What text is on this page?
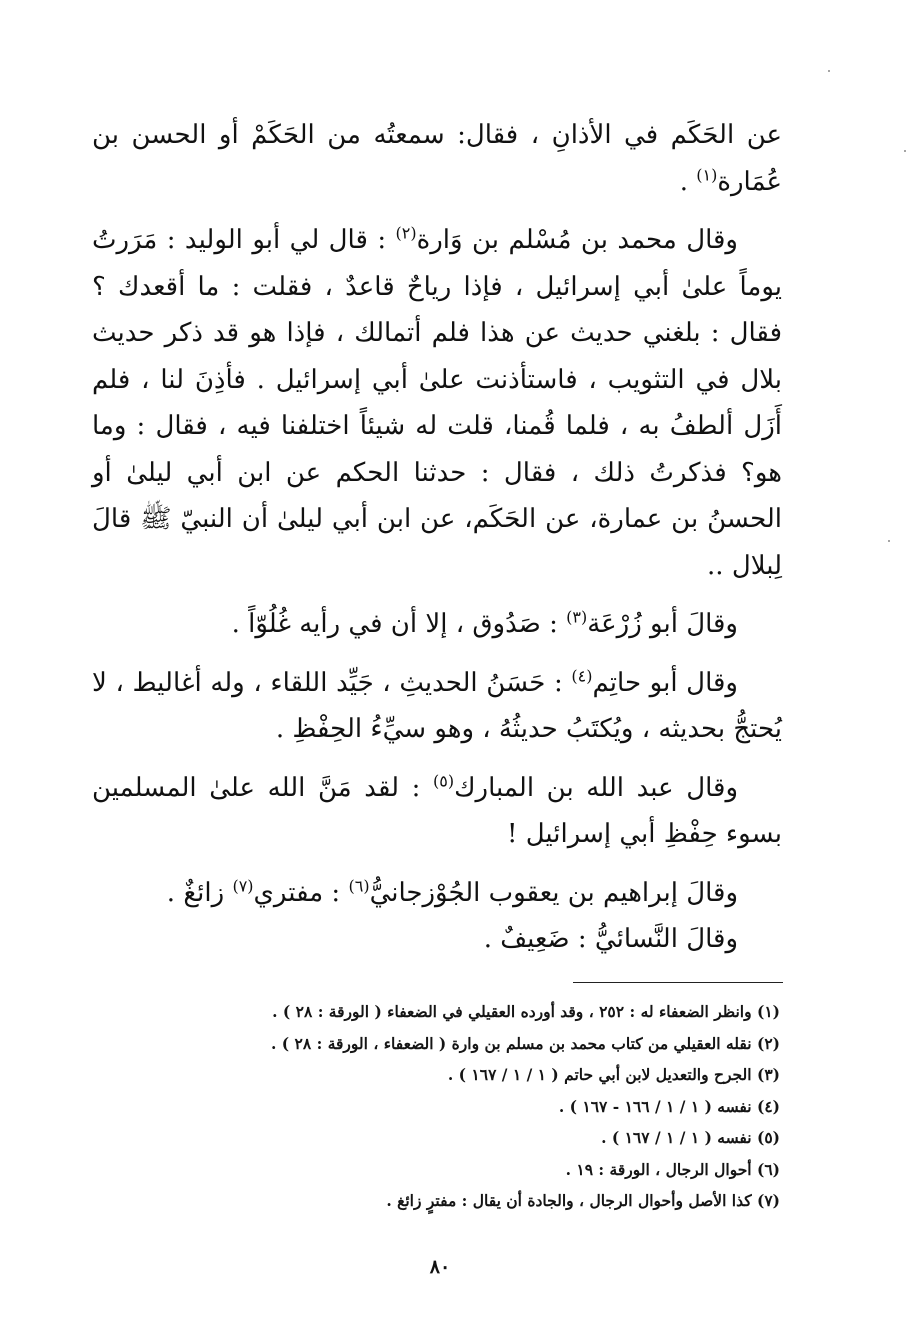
عن الحَكَم في الأذانِ ، فقال: سمعتُه من الحَكَمْ أو الحسن بن عُمَارة$^{(١)}$ .

وقال محمد بن مُسْلم بن وَارة$^{(٢)}$ : قال لي أبو الوليد : مَرَرتُ يوماً علىٰ أبي إسرائيل ، فإذا رياحٌ قاعدٌ ، فقلت : ما أقعدك ؟ فقال : بلغني حديث عن هذا فلم أتمالك ، فإذا هو قد ذكر حديث بلال في التثويب ، فاستأذنت علىٰ أبي إسرائيل . فأذِنَ لنا ، فلم أَزَل ألطفُ به ، فلما قُمنا، قلت له شيئاً اختلفنا فيه ، فقال : وما هو؟ فذكرتُ ذلك ، فقال : حدثنا الحكم عن ابن أبي ليلىٰ أو الحسنُ بن عمارة، عن الحَكَم، عن ابن أبي ليلىٰ أن النبيّ ﷺ قالَ لِبلال ..

وقالَ أبو زُرْعَة$^{(٣)}$ : صَدُوق ، إلا أن في رأيه غُلُوّاً .

وقال أبو حاتِم$^{(٤)}$ : حَسَنُ الحديثِ ، جَيِّد اللقاء ، وله أغاليط ، لا يُحتجُّ بحديثه ، ويُكتَبُ حديثُهُ ، وهو سيِّءُ الحِفْظِ .

وقال عبد الله بن المبارك$^{(٥)}$ : لقد مَنَّ الله علىٰ المسلمين بسوء حِفْظِ أبي إسرائيل !

وقالَ إبراهيم بن يعقوب الجُوْزجانيُّ$^{(٦)}$ : مفتري$^{(٧)}$ زائغٌ .

وقالَ النَّسائيُّ : ضَعِيفٌ .

(١) وانظر الضعفاء له : ٢٥٢ ، وقد أورده العقيلي في الضعفاء ( الورقة : ٢٨ ) .
(٢) نقله العقيلي من كتاب محمد بن مسلم بن وارة ( الضعفاء ، الورقة : ٢٨ ) .
(٣) الجرح والتعديل لابن أبي حاتم ( ١ / ١ / ١٦٧ ) .
(٤) نفسه ( ١ / ١ / ١٦٦ - ١٦٧ ) .
(٥) نفسه ( ١ / ١ / ١٦٧ ) .
(٦) أحوال الرجال ، الورقة : ١٩ .
(٧) كذا الأصل وأحوال الرجال ، والجادة أن يقال : مفترٍ زائغ .
٨٠
